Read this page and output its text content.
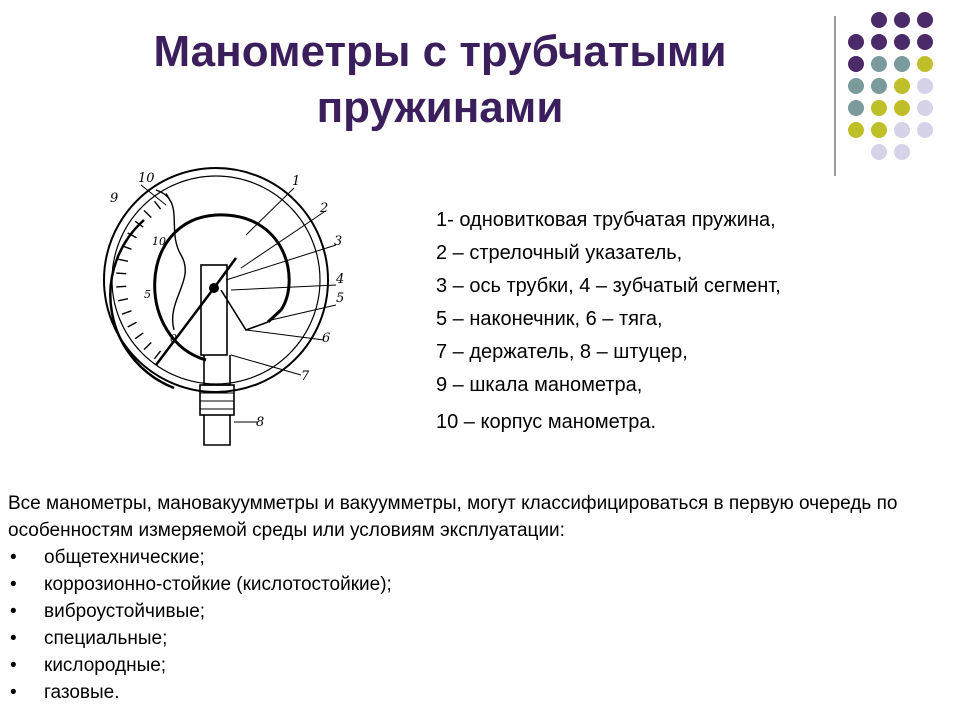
Манометры с трубчатыми
пружинами
1
2
3
4
5
6
7
8
9
10
0
5
10
1- одновитковая трубчатая пружина,
2 – стрелочный указатель,
3 – ось трубки, 4 – зубчатый сегмент,
5 – наконечник, 6 – тяга,
7 – держатель, 8 – штуцер,
9 – шкала манометра,
10 – корпус манометра.
Все манометры, мановакуумметры и вакуумметры, могут классифицироваться в первую очередь по особенностям измеряемой среды или условиям эксплуатации:
• общетехнические;
• коррозионно-стойкие (кислотостойкие);
• виброустойчивые;
• специальные;
• кислородные;
• газовые.
